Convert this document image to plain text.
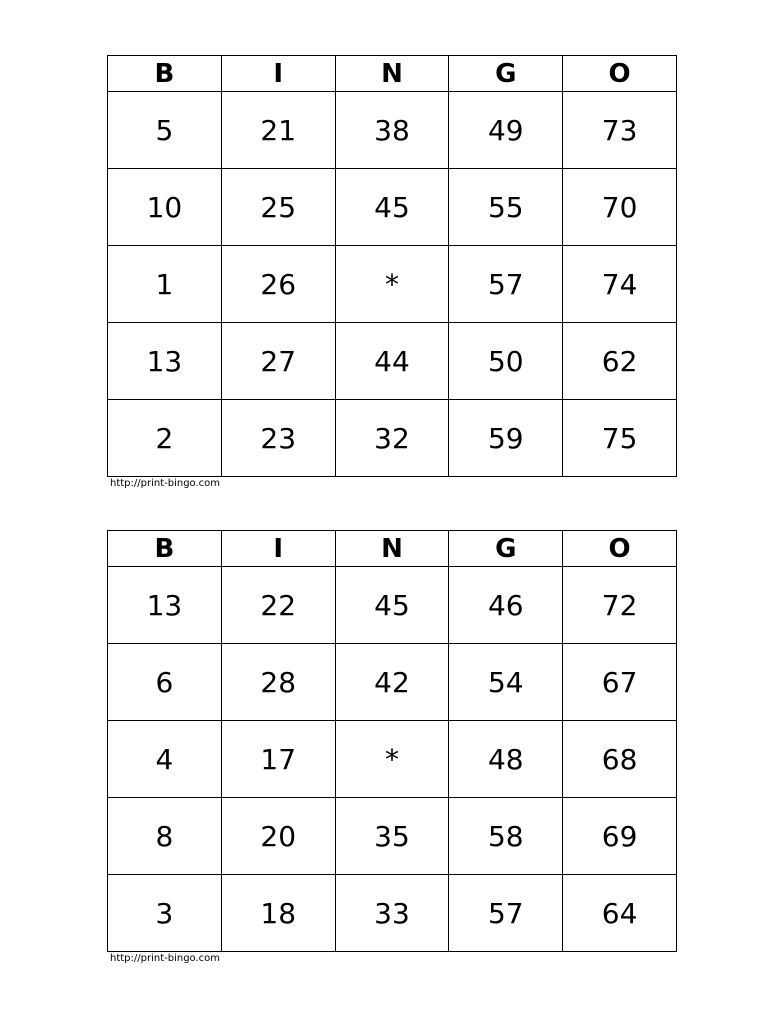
B	I	N	G	O
5	21	38	49	73
10	25	45	55	70
1	26	*	57	74
13	27	44	50	62
2	23	32	59	75
http://print-bingo.com
B	I	N	G	O
13	22	45	46	72
6	28	42	54	67
4	17	*	48	68
8	20	35	58	69
3	18	33	57	64
http://print-bingo.com
